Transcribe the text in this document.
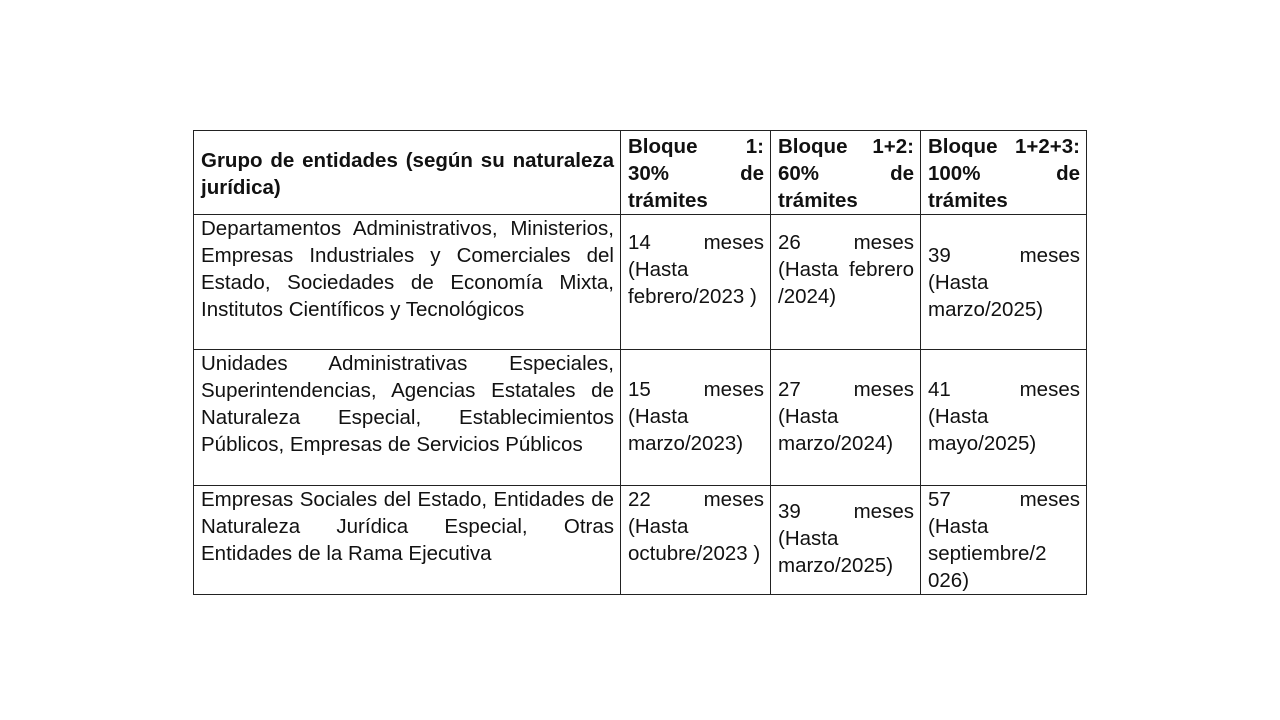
Grupo de entidades (según su naturaleza jurídica)	Bloque 1: 30% de trámites	Bloque 1+2: 60% de trámites	Bloque 1+2+3: 100% de trámites

Departamentos Administrativos, Ministerios, Empresas Industriales y Comerciales del Estado, Sociedades de Economía Mixta, Institutos Científicos y Tecnológicos	14 meses (Hasta febrero/2023 )	26 meses (Hasta febrero /2024)	39 meses (Hasta marzo/2025)

Unidades Administrativas Especiales, Superintendencias, Agencias Estatales de Naturaleza Especial, Establecimientos Públicos, Empresas de Servicios Públicos	15 meses (Hasta marzo/2023)	27 meses (Hasta marzo/2024)	41 meses (Hasta mayo/2025)

Empresas Sociales del Estado, Entidades de Naturaleza Jurídica Especial, Otras Entidades de la Rama Ejecutiva	22 meses (Hasta octubre/2023 )	39 meses (Hasta marzo/2025)	57 meses (Hasta septiembre/2 026)
